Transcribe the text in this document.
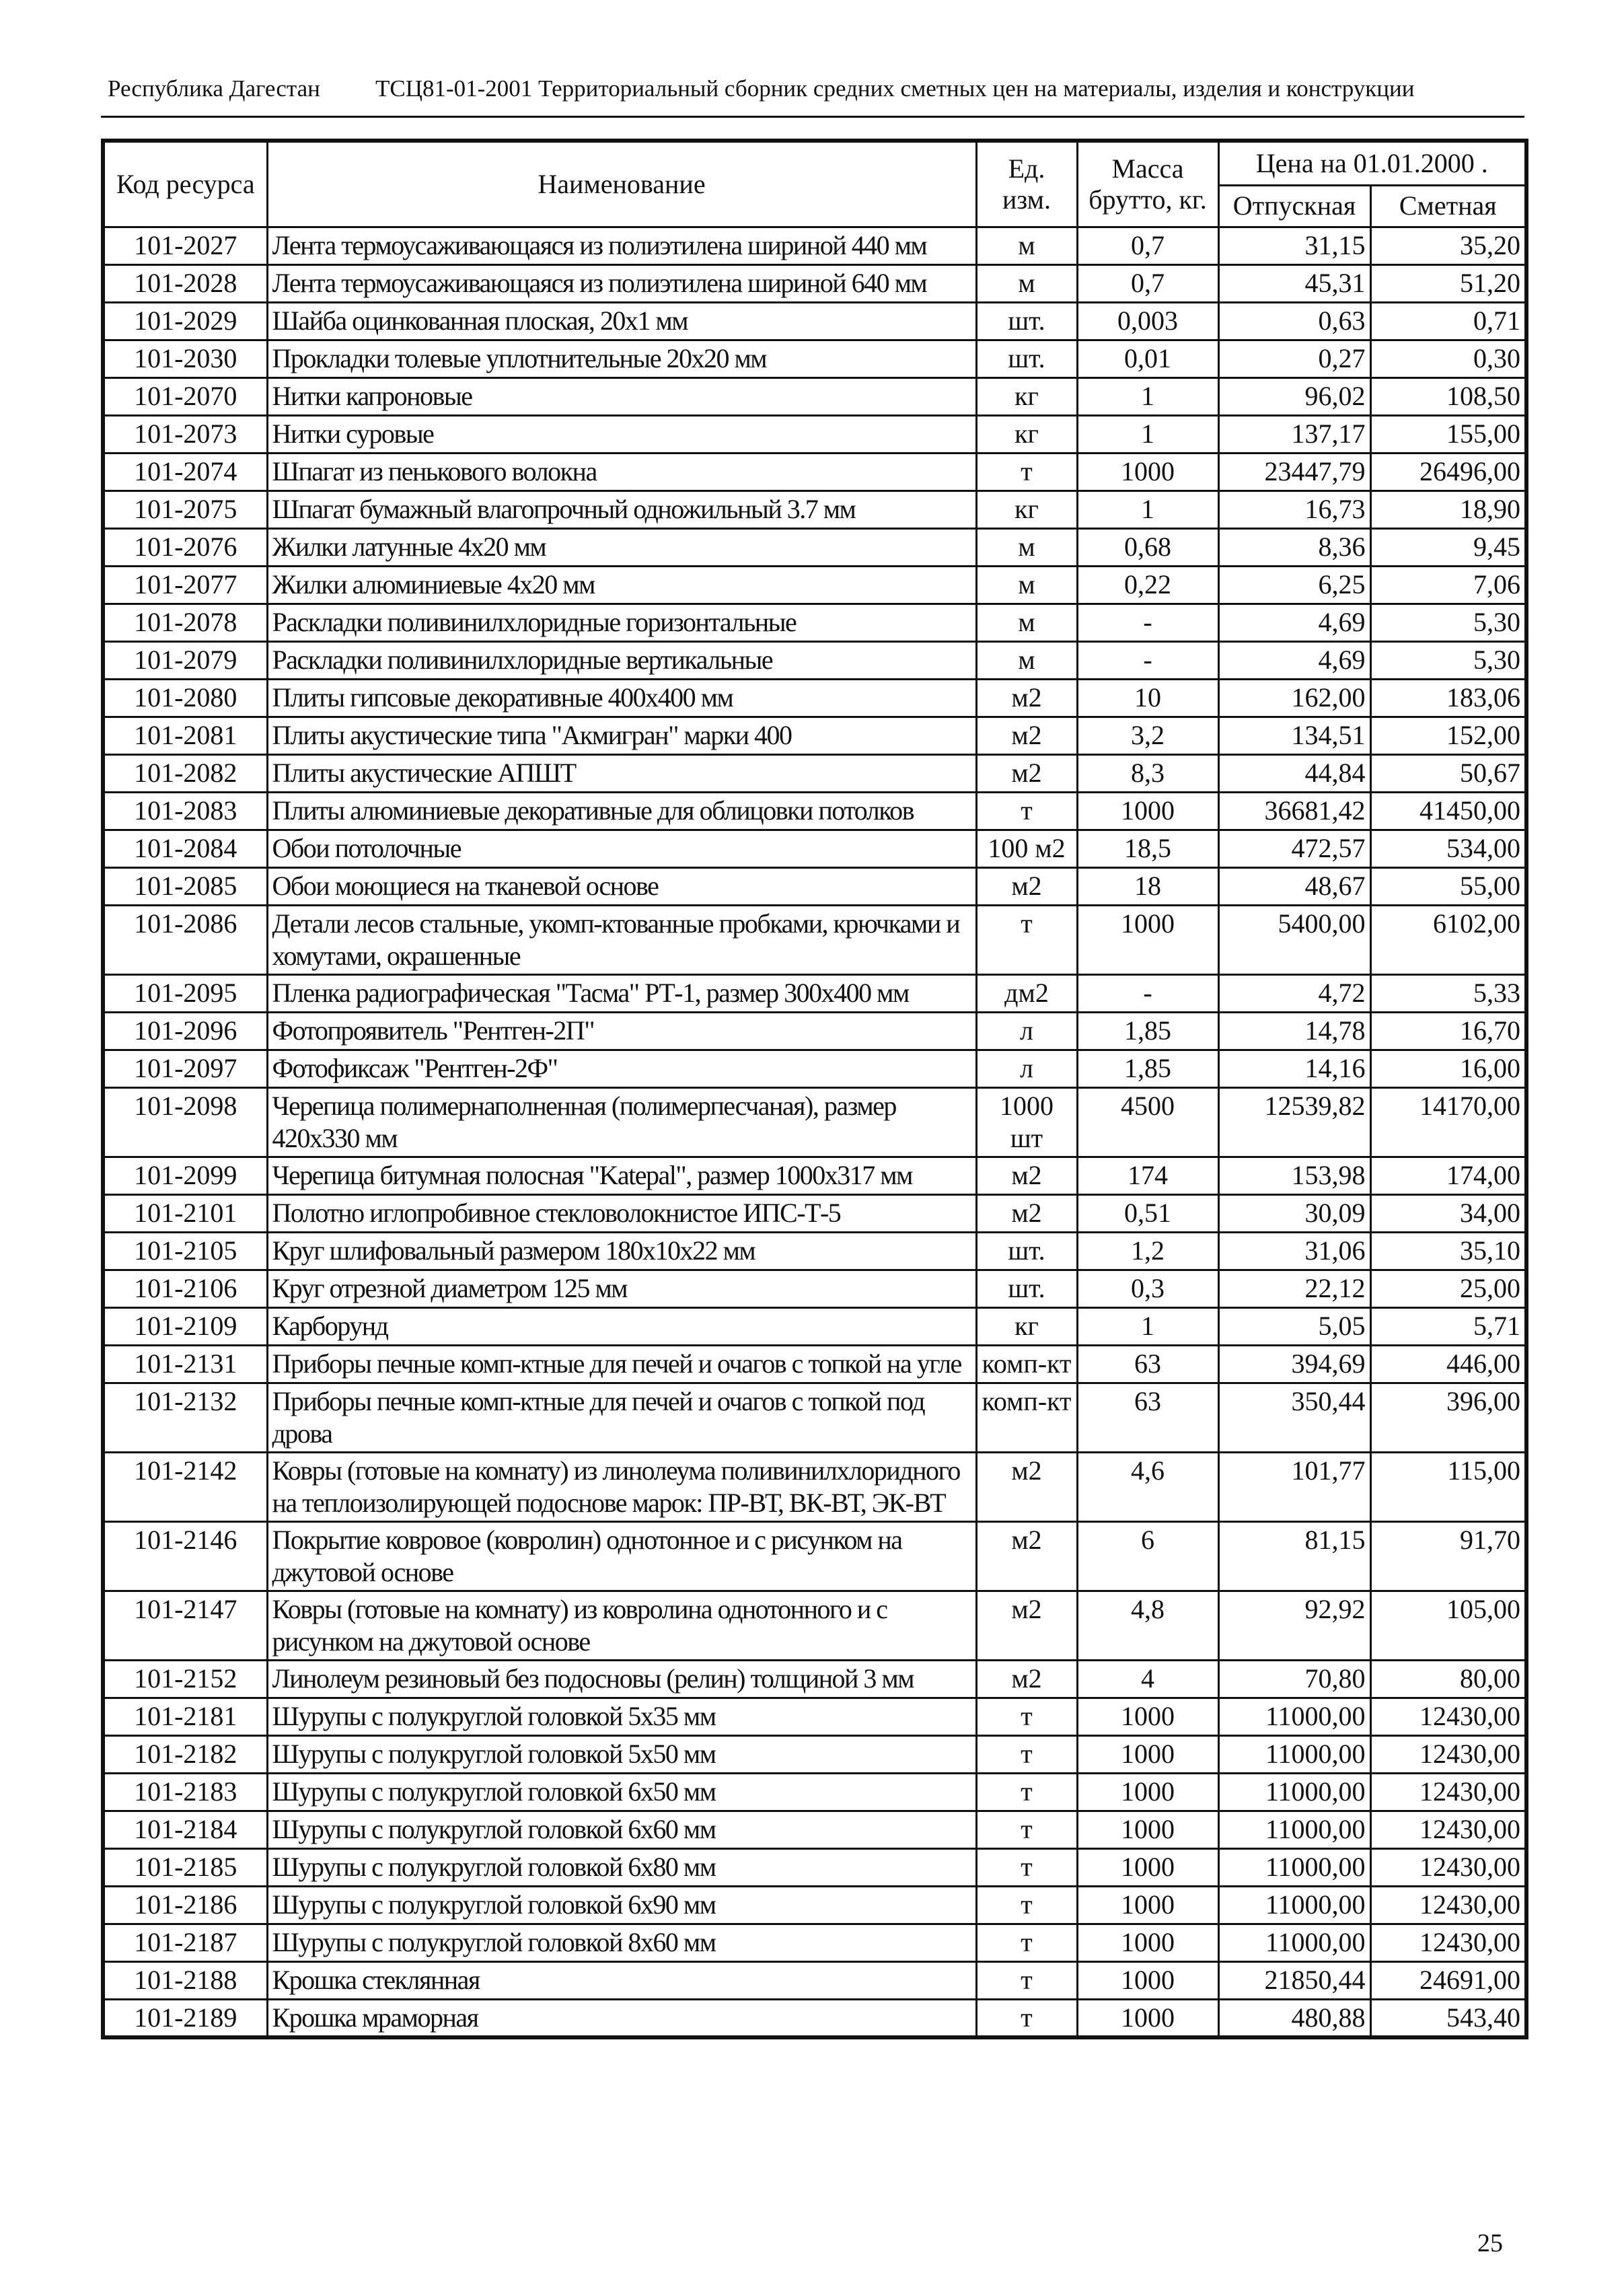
Республика Дагестан ТСЦ81-01-2001 Территориальный сборник средних сметных цен на материалы, изделия и конструкции
Код ресурса	Наименование	Ед. изм.	Масса брутто, кг.	Цена на 01.01.2000 .	
				Отпускная	Сметная
101-2027	Лента термоусаживающаяся из полиэтилена шириной 440 мм	м	0,7	31,15	35,20
101-2028	Лента термоусаживающаяся из полиэтилена шириной 640 мм	м	0,7	45,31	51,20
101-2029	Шайба оцинкованная плоская, 20х1 мм	шт.	0,003	0,63	0,71
101-2030	Прокладки толевые уплотнительные 20х20 мм	шт.	0,01	0,27	0,30
101-2070	Нитки капроновые	кг	1	96,02	108,50
101-2073	Нитки суровые	кг	1	137,17	155,00
101-2074	Шпагат из пенькового волокна	т	1000	23447,79	26496,00
101-2075	Шпагат бумажный влагопрочный одножильный 3.7 мм	кг	1	16,73	18,90
101-2076	Жилки латунные 4х20 мм	м	0,68	8,36	9,45
101-2077	Жилки алюминиевые 4х20 мм	м	0,22	6,25	7,06
101-2078	Раскладки поливинилхлоридные горизонтальные	м	-	4,69	5,30
101-2079	Раскладки поливинилхлоридные вертикальные	м	-	4,69	5,30
101-2080	Плиты гипсовые декоративные 400х400 мм	м2	10	162,00	183,06
101-2081	Плиты акустические типа "Акмигран" марки 400	м2	3,2	134,51	152,00
101-2082	Плиты акустические АПШТ	м2	8,3	44,84	50,67
101-2083	Плиты алюминиевые декоративные для облицовки потолков	т	1000	36681,42	41450,00
101-2084	Обои потолочные	100 м2	18,5	472,57	534,00
101-2085	Обои моющиеся на тканевой основе	м2	18	48,67	55,00
101-2086	Детали лесов стальные, укомп-ктованные пробками, крючками и хомутами, окрашенные	т	1000	5400,00	6102,00
101-2095	Пленка радиографическая "Тасма" РТ-1, размер 300х400 мм	дм2	-	4,72	5,33
101-2096	Фотопроявитель "Рентген-2П"	л	1,85	14,78	16,70
101-2097	Фотофиксаж "Рентген-2Ф"	л	1,85	14,16	16,00
101-2098	Черепица полимернаполненная (полимерпесчаная), размер 420х330 мм	1000 шт	4500	12539,82	14170,00
101-2099	Черепица битумная полосная "Katepal", размер 1000х317 мм	м2	174	153,98	174,00
101-2101	Полотно иглопробивное стекловолокнистое ИПС-Т-5	м2	0,51	30,09	34,00
101-2105	Круг шлифовальный размером 180х10х22 мм	шт.	1,2	31,06	35,10
101-2106	Круг отрезной диаметром 125 мм	шт.	0,3	22,12	25,00
101-2109	Карборунд	кг	1	5,05	5,71
101-2131	Приборы печные комп-ктные для печей и очагов с топкой на угле	комп-кт	63	394,69	446,00
101-2132	Приборы печные комп-ктные для печей и очагов с топкой под дрова	комп-кт	63	350,44	396,00
101-2142	Ковры (готовые на комнату) из линолеума поливинилхлоридного на теплоизолирующей подоснове марок: ПР-ВТ, ВК-ВТ, ЭК-ВТ	м2	4,6	101,77	115,00
101-2146	Покрытие ковровое (ковролин) однотонное и с рисунком на джутовой основе	м2	6	81,15	91,70
101-2147	Ковры (готовые на комнату) из ковролина однотонного и с рисунком на джутовой основе	м2	4,8	92,92	105,00
101-2152	Линолеум резиновый без подосновы (релин) толщиной 3 мм	м2	4	70,80	80,00
101-2181	Шурупы с полукруглой головкой 5х35 мм	т	1000	11000,00	12430,00
101-2182	Шурупы с полукруглой головкой 5х50 мм	т	1000	11000,00	12430,00
101-2183	Шурупы с полукруглой головкой 6х50 мм	т	1000	11000,00	12430,00
101-2184	Шурупы с полукруглой головкой 6х60 мм	т	1000	11000,00	12430,00
101-2185	Шурупы с полукруглой головкой 6х80 мм	т	1000	11000,00	12430,00
101-2186	Шурупы с полукруглой головкой 6х90 мм	т	1000	11000,00	12430,00
101-2187	Шурупы с полукруглой головкой 8х60 мм	т	1000	11000,00	12430,00
101-2188	Крошка стеклянная	т	1000	21850,44	24691,00
101-2189	Крошка мраморная	т	1000	480,88	543,40
25
